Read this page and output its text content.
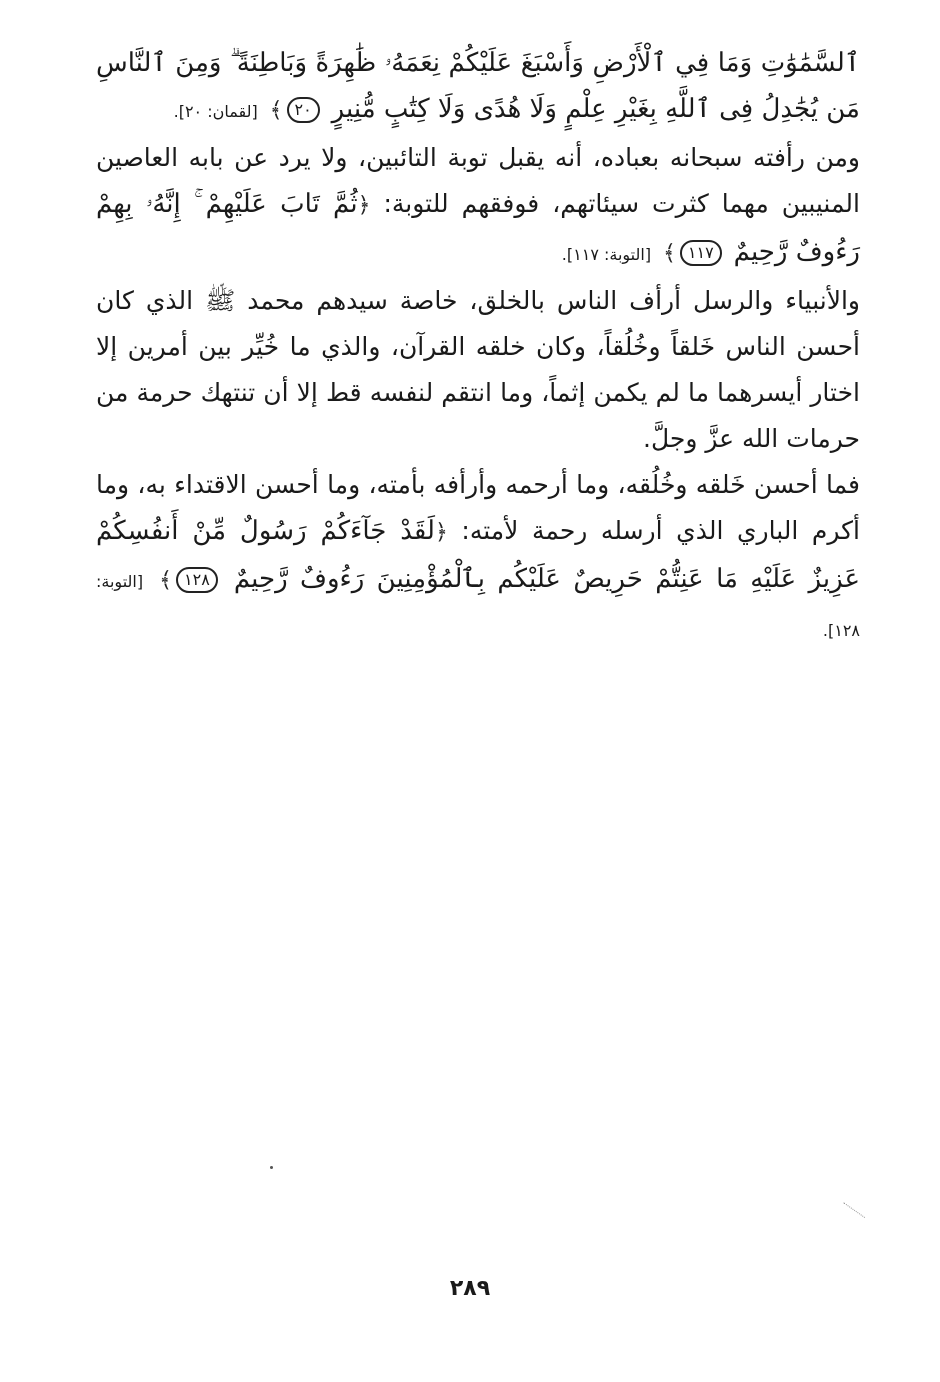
ٱلسَّمَٰوَٰتِ وَمَا فِي ٱلْأَرْضِ وَأَسْبَغَ عَلَيْكُمْ نِعَمَهُۥ ظَٰهِرَةً وَبَاطِنَةً ۗ وَمِنَ ٱلنَّاسِ مَن يُجَٰدِلُ فِى ٱللَّهِ بِغَيْرِ عِلْمٍ وَلَا هُدًى وَلَا كِتَٰبٍ مُّنِيرٍ ٢٠﴾ [لقمان: ٢٠].

ومن رأفته سبحانه بعباده، أنه يقبل توبة التائبين، ولا يرد عن بابه العاصين المنيبين مهما كثرت سيئاتهم، فوفقهم للتوبة: ﴿ثُمَّ تَابَ عَلَيْهِمْ ۚ إِنَّهُۥ بِهِمْ رَءُوفٌ رَّحِيمٌ ١١٧﴾ [التوبة: ١١٧].

والأنبياء والرسل أرأف الناس بالخلق، خاصة سيدهم محمد ﷺ الذي كان أحسن الناس خَلقاً وخُلُقاً، وكان خلقه القرآن، والذي ما خُيِّر بين أمرين إلا اختار أيسرهما ما لم يكمن إثماً، وما انتقم لنفسه قط إلا أن تنتهك حرمة من حرمات الله عزَّ وجلَّ.

فما أحسن خَلقه وخُلُقه، وما أرحمه وأرأفه بأمته، وما أحسن الاقتداء به، وما أكرم الباري الذي أرسله رحمة لأمته: ﴿لَقَدْ جَآءَكُمْ رَسُولٌ مِّنْ أَنفُسِكُمْ عَزِيزٌ عَلَيْهِ مَا عَنِتُّمْ حَرِيصٌ عَلَيْكُم بِٱلْمُؤْمِنِينَ رَءُوفٌ رَّحِيمٌ ١٢٨﴾ [التوبة: ١٢٨].

٢٨٩
